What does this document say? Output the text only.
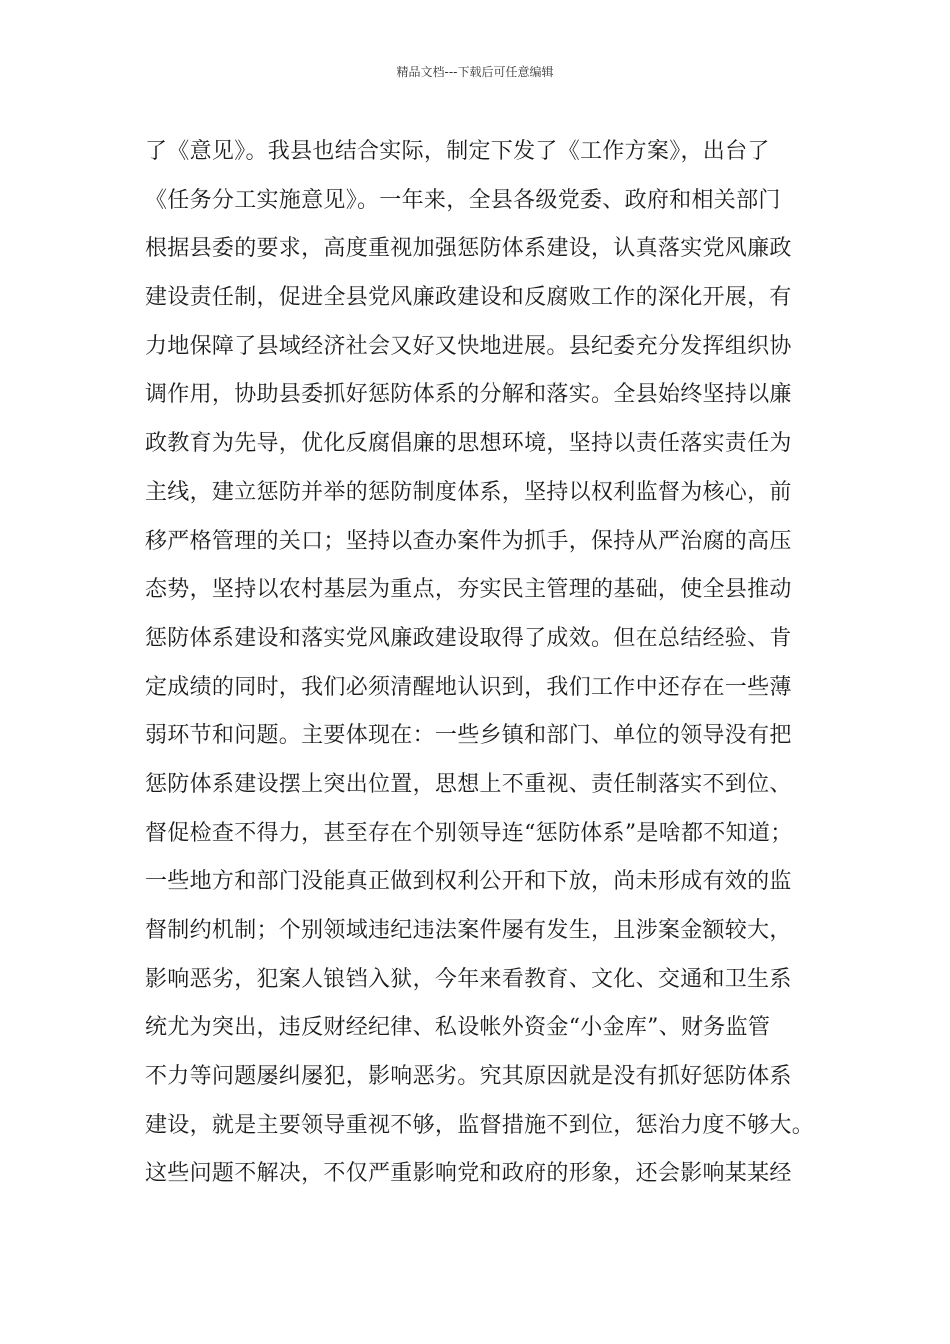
精品文档---下载后可任意编辑
了《意见》。我县也结合实际，制定下发了《工作方案》，出台了
《任务分工实施意见》。一年来，全县各级党委、政府和相关部门
根据县委的要求，高度重视加强惩防体系建设，认真落实党风廉政
建设责任制，促进全县党风廉政建设和反腐败工作的深化开展，有
力地保障了县域经济社会又好又快地进展。县纪委充分发挥组织协
调作用，协助县委抓好惩防体系的分解和落实。全县始终坚持以廉
政教育为先导，优化反腐倡廉的思想环境，坚持以责任落实责任为
主线，建立惩防并举的惩防制度体系，坚持以权利监督为核心，前
移严格管理的关口；坚持以查办案件为抓手，保持从严治腐的高压
态势，坚持以农村基层为重点，夯实民主管理的基础，使全县推动
惩防体系建设和落实党风廉政建设取得了成效。但在总结经验、肯
定成绩的同时，我们必须清醒地认识到，我们工作中还存在一些薄
弱环节和问题。主要体现在：一些乡镇和部门、单位的领导没有把
惩防体系建设摆上突出位置，思想上不重视、责任制落实不到位、
督促检查不得力，甚至存在个别领导连“惩防体系”是啥都不知道；
一些地方和部门没能真正做到权利公开和下放，尚未形成有效的监
督制约机制；个别领域违纪违法案件屡有发生，且涉案金额较大，
影响恶劣，犯案人锒铛入狱，今年来看教育、文化、交通和卫生系
统尤为突出，违反财经纪律、私设帐外资金“小金库”、财务监管
不力等问题屡纠屡犯，影响恶劣。究其原因就是没有抓好惩防体系
建设，就是主要领导重视不够，监督措施不到位，惩治力度不够大。
这些问题不解决，不仅严重影响党和政府的形象，还会影响某某经
